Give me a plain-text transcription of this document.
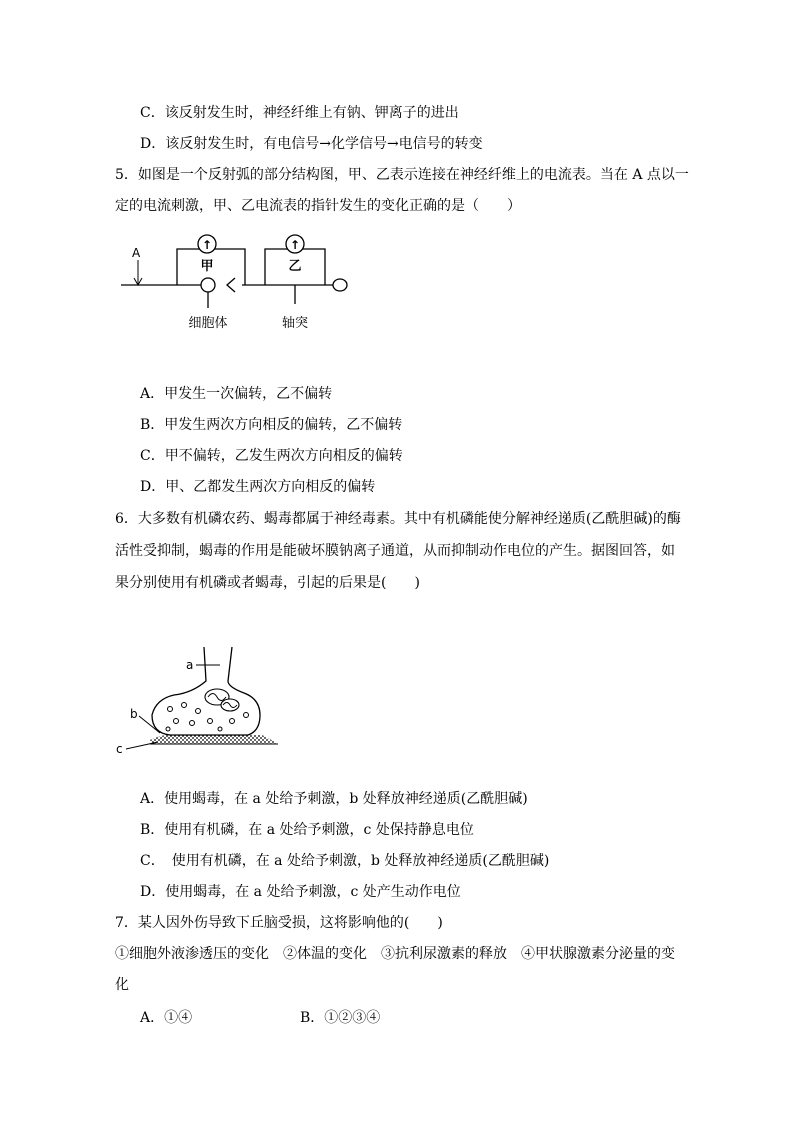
C．该反射发生时，神经纤维上有钠、钾离子的进出
D．该反射发生时，有电信号→化学信号→电信号的转变
5．如图是一个反射弧的部分结构图，甲、乙表示连接在神经纤维上的电流表。当在 A 点以一
定的电流刺激，甲、乙电流表的指针发生的变化正确的是（　　）
A
↑
甲
↑
乙
细胞体	轴突
A．甲发生一次偏转，乙不偏转
B．甲发生两次方向相反的偏转，乙不偏转
C．甲不偏转，乙发生两次方向相反的偏转
D．甲、乙都发生两次方向相反的偏转
6．大多数有机磷农药、蝎毒都属于神经毒素。其中有机磷能使分解神经递质(乙酰胆碱)的酶
活性受抑制，蝎毒的作用是能破坏膜钠离子通道，从而抑制动作电位的产生。据图回答，如
果分别使用有机磷或者蝎毒，引起的后果是(　　)
a
b
c
A．使用蝎毒，在 a 处给予刺激，b 处释放神经递质(乙酰胆碱)
B．使用有机磷，在 a 处给予刺激，c 处保持静息电位
C．　使用有机磷，在 a 处给予刺激，b 处释放神经递质(乙酰胆碱)
D．使用蝎毒，在 a 处给予刺激，c 处产生动作电位
7．某人因外伤导致下丘脑受损，这将影响他的(　　)
①细胞外液渗透压的变化　②体温的变化　③抗利尿激素的释放　④甲状腺激素分泌量的变
化
A．①④	B．①②③④
